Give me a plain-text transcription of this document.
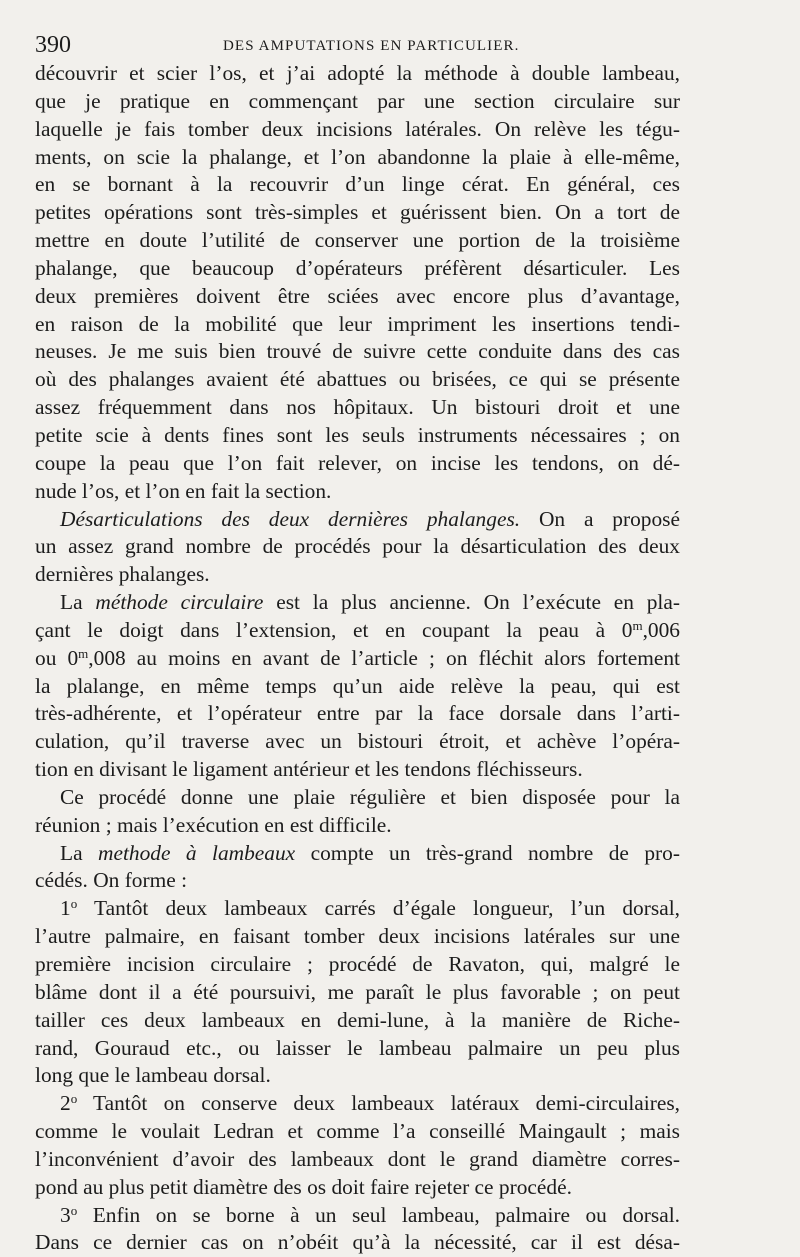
390	DES AMPUTATIONS EN PARTICULIER.
découvrir et scier l’os, et j’ai adopté la méthode à double lambeau,
que je pratique en commençant par une section circulaire sur
laquelle je fais tomber deux incisions latérales. On relève les tégu-
ments, on scie la phalange, et l’on abandonne la plaie à elle-même,
en se bornant à la recouvrir d’un linge cérat. En général, ces
petites opérations sont très-simples et guérissent bien. On a tort de
mettre en doute l’utilité de conserver une portion de la troisième
phalange, que beaucoup d’opérateurs préfèrent désarticuler. Les
deux premières doivent être sciées avec encore plus d’avantage,
en raison de la mobilité que leur impriment les insertions tendi-
neuses. Je me suis bien trouvé de suivre cette conduite dans des cas
où des phalanges avaient été abattues ou brisées, ce qui se présente
assez fréquemment dans nos hôpitaux. Un bistouri droit et une
petite scie à dents fines sont les seuls instruments nécessaires ; on
coupe la peau que l’on fait relever, on incise les tendons, on dé-
nude l’os, et l’on en fait la section.
Désarticulations des deux dernières phalanges. On a proposé
un assez grand nombre de procédés pour la désarticulation des deux
dernières phalanges.
La méthode circulaire est la plus ancienne. On l’exécute en pla-
çant le doigt dans l’extension, et en coupant la peau à 0$^m$,006
ou 0$^m$,008 au moins en avant de l’article ; on fléchit alors fortement
la plalange, en même temps qu’un aide relève la peau, qui est
très-adhérente, et l’opérateur entre par la face dorsale dans l’arti-
culation, qu’il traverse avec un bistouri étroit, et achève l’opéra-
tion en divisant le ligament antérieur et les tendons fléchisseurs.
Ce procédé donne une plaie régulière et bien disposée pour la
réunion ; mais l’exécution en est difficile.
La methode à lambeaux compte un très-grand nombre de pro-
cédés. On forme :
1$^o$ Tantôt deux lambeaux carrés d’égale longueur, l’un dorsal,
l’autre palmaire, en faisant tomber deux incisions latérales sur une
première incision circulaire ; procédé de Ravaton, qui, malgré le
blâme dont il a été poursuivi, me paraît le plus favorable ; on peut
tailler ces deux lambeaux en demi-lune, à la manière de Riche-
rand, Gouraud etc., ou laisser le lambeau palmaire un peu plus
long que le lambeau dorsal.
2$^o$ Tantôt on conserve deux lambeaux latéraux demi-circulaires,
comme le voulait Ledran et comme l’a conseillé Maingault ; mais
l’inconvénient d’avoir des lambeaux dont le grand diamètre corres-
pond au plus petit diamètre des os doit faire rejeter ce procédé.
3$^o$ Enfin on se borne à un seul lambeau, palmaire ou dorsal.
Dans ce dernier cas on n’obéit qu’à la nécessité, car il est désa-
